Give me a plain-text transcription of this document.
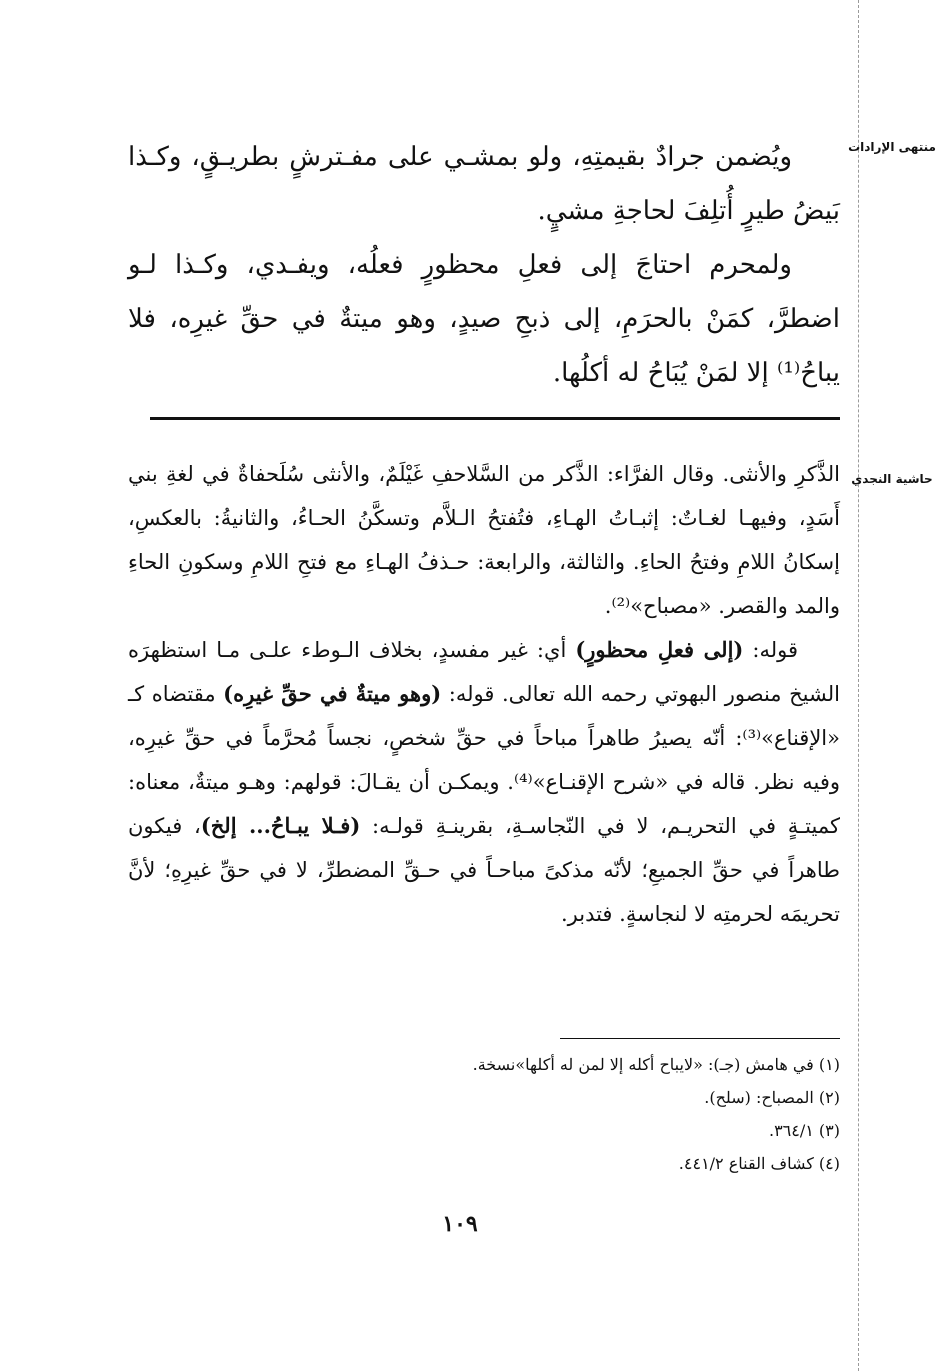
منتهى الإرادات
حاشية النجدي

ويُضمن جرادٌ بقيمتِهِ، ولو بمشـي على مفـترشٍ بطريـقٍ، وكـذا بَيضُ طيرٍ أُتلِفَ لحاجةِ مشيٍ.

ولمحرم احتاجَ إلى فعلِ محظورٍ فعلُه، ويفـدي، وكـذا لـو اضطرَّ، كمَنْ بالحرَمِ، إلى ذبحِ صيدٍ، وهو ميتةٌ في حقِّ غيرِه، فلا يباحُ⁽¹⁾ إلا لمَنْ يُبَاحُ له أكلُها.

الذَّكرِ والأنثى. وقال الفرَّاء: الذَّكر من السَّلاحفِ غَيْلَمٌ، والأنثى سُلَحفاةٌ في لغةِ بني أَسَدٍ، وفيهـا لغـاتٌ: إثبـاتُ الهـاءِ، فتُفتحُ الـلاَّم وتسكَّنُ الحـاءُ، والثانيةُ: بالعكسِ، إسكانُ اللامِ وفتحُ الحاءِ. والثالثة، والرابعة: حـذفُ الهـاءِ مع فتحِ اللامِ وسكونِ الحاءِ والمد والقصر. «مصباح»⁽²⁾.

قوله: (إلى فعلِ محظورٍ) أي: غير مفسدٍ، بخلاف الـوطء علـى مـا استظهرَه الشيخ منصور البهوتي رحمه الله تعالى. قوله: (وهو ميتةٌ في حقِّ غيرِه) مقتضاه كـ «الإقناع»⁽³⁾: أنّه يصيرُ طاهراً مباحاً في حقِّ شخصٍ، نجساً مُحرَّماً في حقِّ غيرِه، وفيه نظر. قاله في «شرح الإقنـاع»⁽⁴⁾. ويمكـن أن يقـالَ: قولهم: وهـو ميتةٌ، معناه: كميتـةٍ في التحريـم، لا في النّجاسـةِ، بقرينـةِ قولـه: (فـلا يبـاحُ... إلخ)، فيكون طاهراً في حقِّ الجميعِ؛ لأنّه مذكىً مباحـاً في حـقِّ المضطرِّ، لا في حقِّ غيرِهِ؛ لأنَّ تحريمَه لحرمتِه لا لنجاسةٍ. فتدبر.

(١) في هامش (جـ): «لايباح أكله إلا لمن له أكلها»نسخة.
(٢) المصباح: (سلح).
(٣) ٣٦٤/١.
(٤) كشاف القناع ٤٤١/٢.
١٠٩
